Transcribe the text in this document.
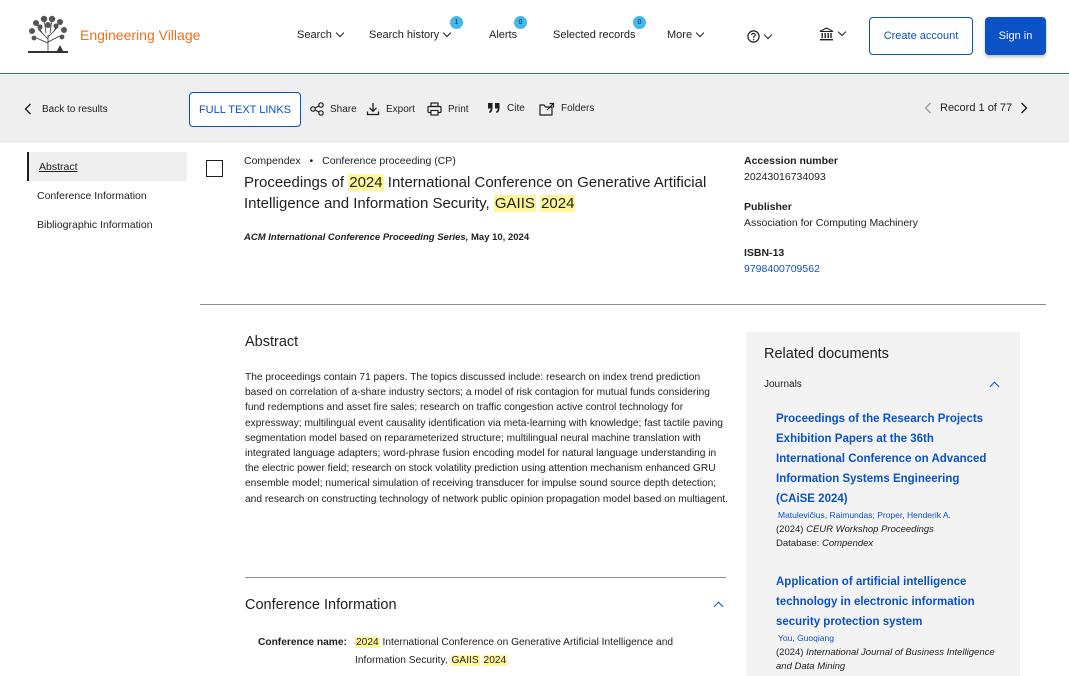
Engineering Village	Search	Search history
1
Alerts
0
Selected records
0
More	Create account	Sign in
Back to results	FULL TEXT LINKS	Share	Export	Print	Cite	Folders	Record 1 of 77
Abstract
Conference Information
Bibliographic Information
Compendex • Conference proceeding (CP)
Proceedings of 2024 International Conference on Generative Artificial Intelligence and Information Security, GAIIS 2024
ACM International Conference Proceeding Series, May 10, 2024
Accession number
20243016734093
Publisher
Association for Computing Machinery
ISBN-13
9798400709562
Abstract
The proceedings contain 71 papers. The topics discussed include: research on index trend prediction based on correlation of a-share industry sectors; a model of risk contagion for mutual funds considering fund redemptions and asset fire sales; research on traffic congestion active control technology for expressway; multilingual event causality identification via meta-learning with knowledge; fast tactile paving segmentation model based on reparameterized structure; multilingual neural machine translation with integrated language adapters; word-phrase fusion encoding model for natural language understanding in the electric power field; research on stock volatility prediction using attention mechanism enhanced GRU ensemble model; numerical simulation of receiving transducer for impulse sound source depth detection; and research on constructing technology of network public opinion propagation model based on multiagent.
Conference Information
Conference name: 2024 International Conference on Generative Artificial Intelligence and Information Security, GAIIS 2024
Related documents
Journals
Proceedings of the Research Projects Exhibition Papers at the 36th International Conference on Advanced Information Systems Engineering (CAiSE 2024)
Matulevičius, Raimundas; Proper, Henderik A.
(2024) CEUR Workshop Proceedings
Database: Compendex
Application of artificial intelligence technology in electronic information security protection system
You, Guoqiang
(2024) International Journal of Business Intelligence and Data Mining
